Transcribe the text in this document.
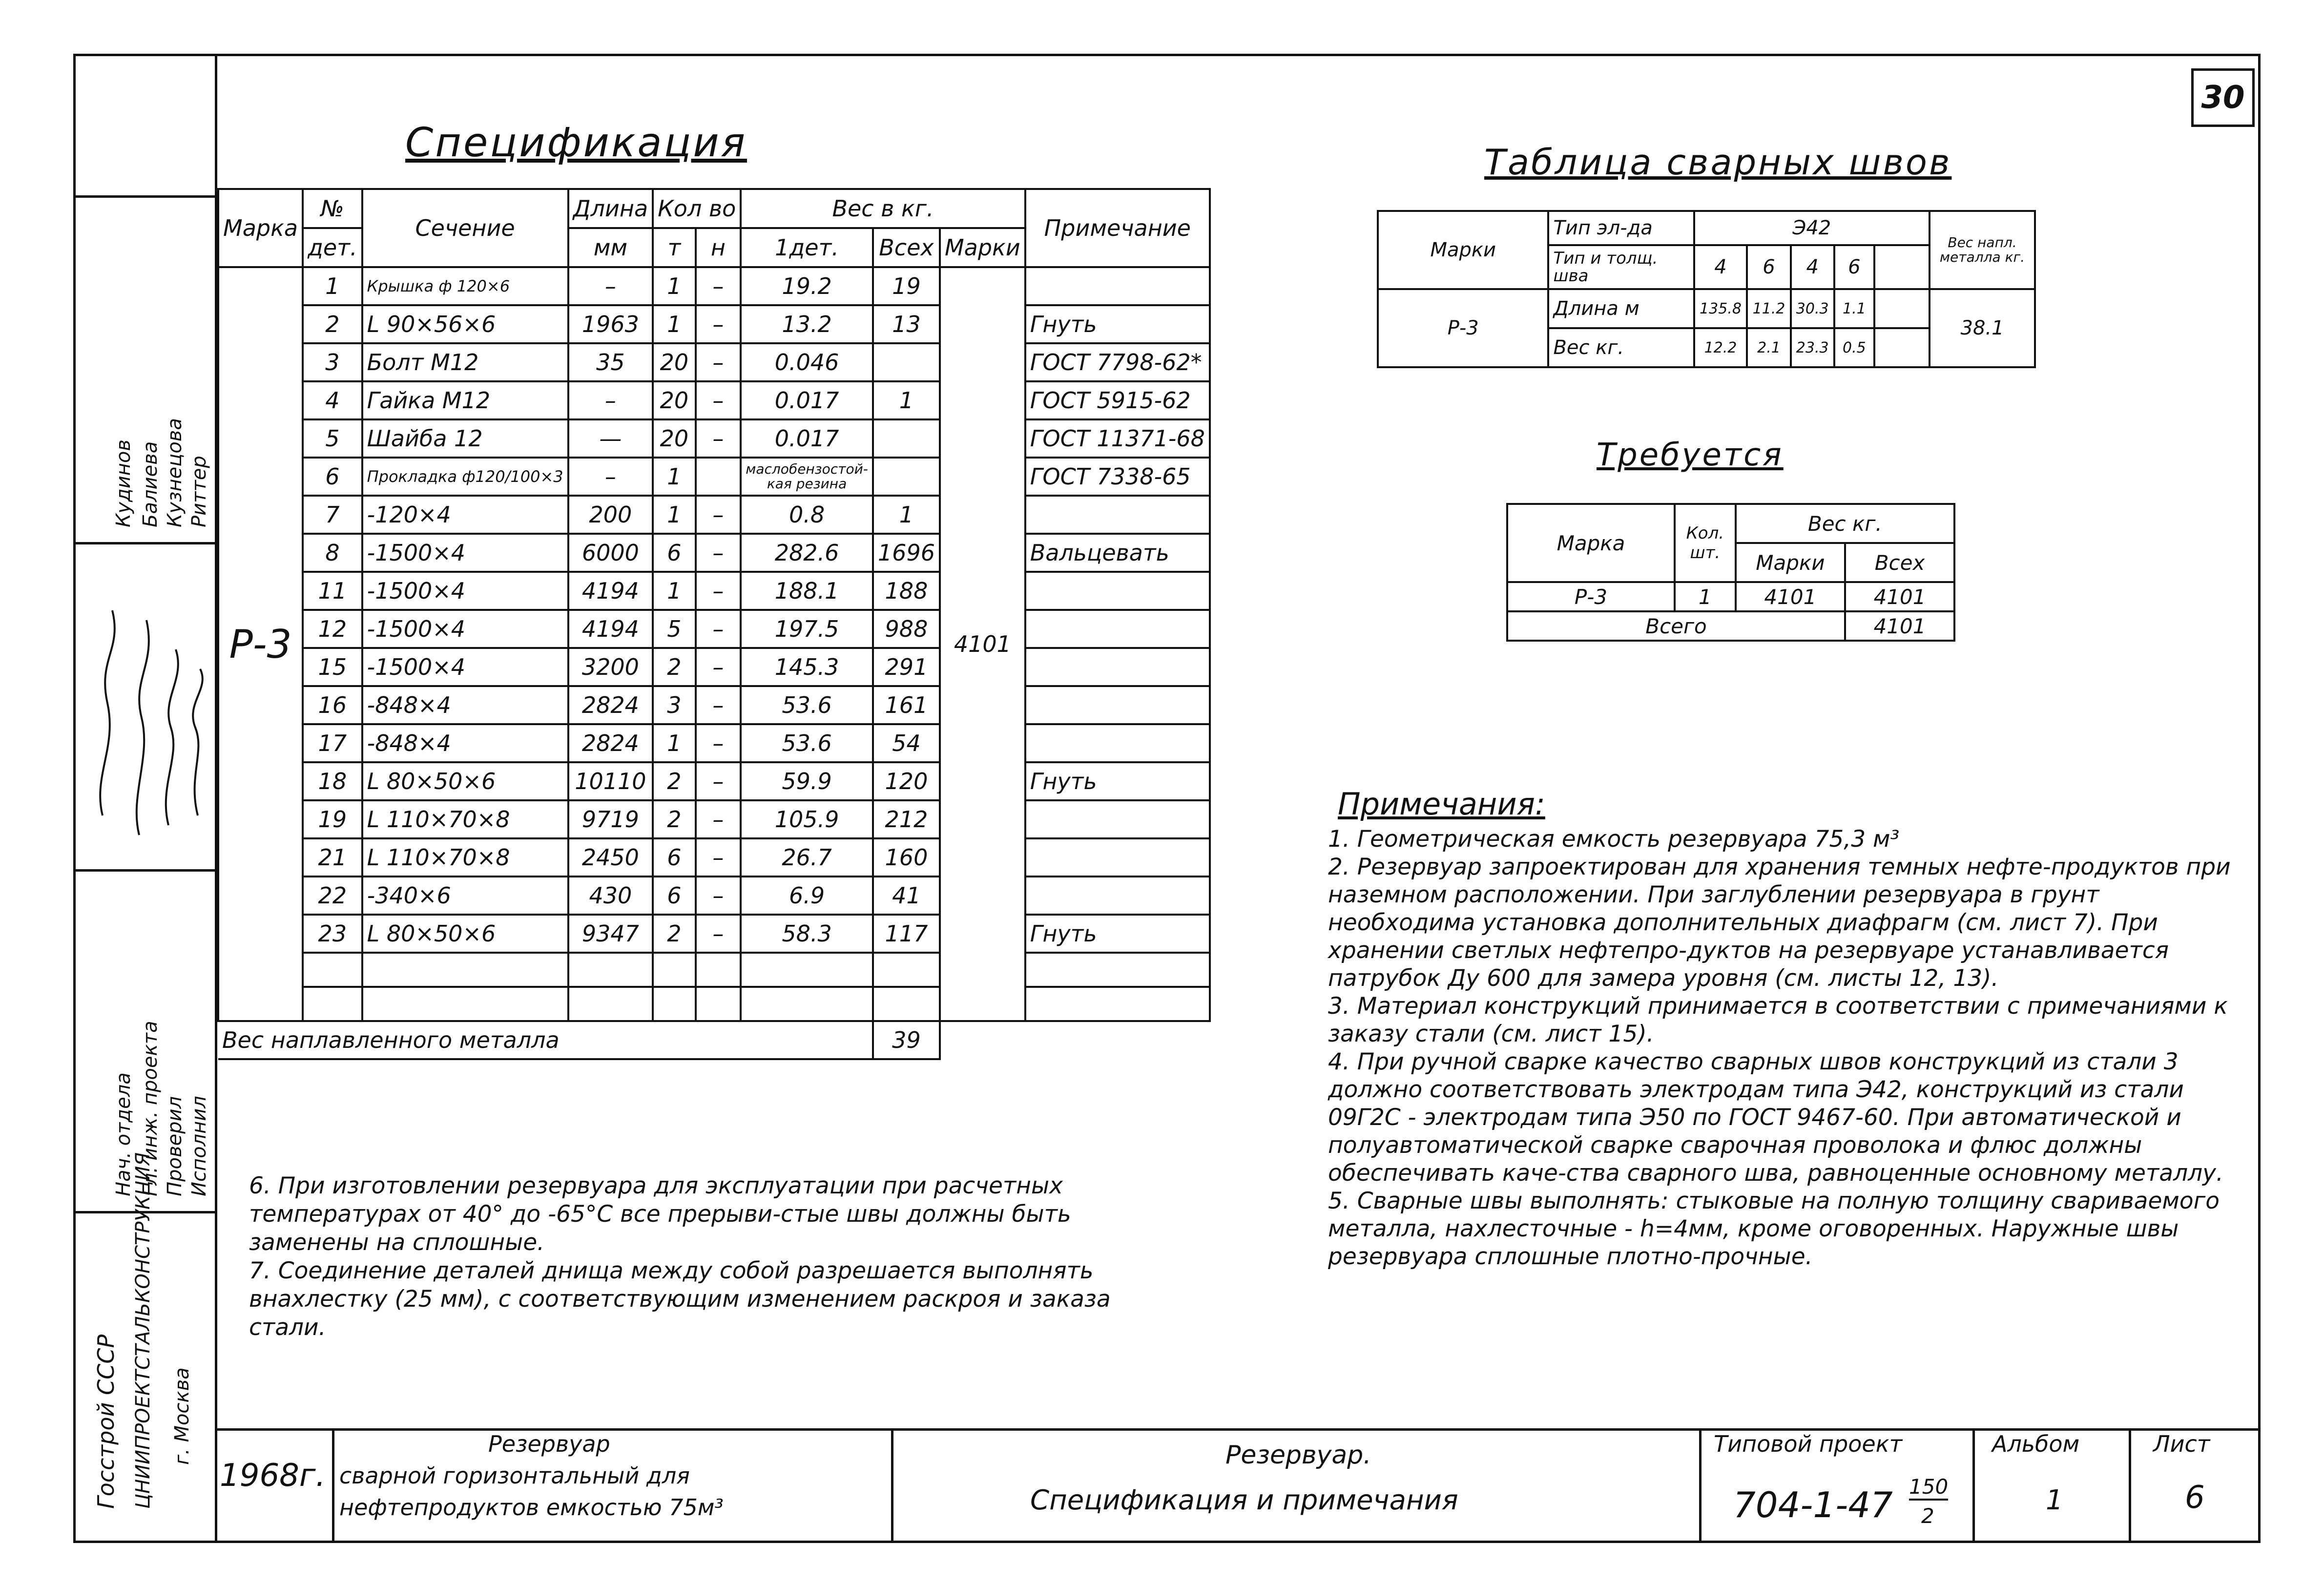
30
Госстрой СССР ЦНИИПРОЕКТСТАЛЬКОНСТРУКЦИЯ г. Москва
Нач. отдела Гл. инж. проекта Проверил Исполнил
Кудинов Балиева Кузнецова Риттер
Спецификация
Марка	№	Сечение	Длина	Кол во		Вес в кг.			Примечание
	дет.		мм	т	н	1дет.	Всех	Марки	
Р-3	1	Крышка ф 120×6	–	1	–	19.2	19	4101	
	2	L 90×56×6	1963	1	–	13.2	13		Гнуть
	3	Болт М12	35	20	–	0.046			ГОСТ 7798-62*
	4	Гайка М12	–	20	–	0.017	1		ГОСТ 5915-62
	5	Шайба 12	—	20	–	0.017			ГОСТ 11371-68
	6	Прокладка ф120/100×3	–	1		маслобензостой-кая резина			ГОСТ 7338-65
	7	-120×4	200	1	–	0.8	1		
	8	-1500×4	6000	6	–	282.6	1696		Вальцевать
	11	-1500×4	4194	1	–	188.1	188		
	12	-1500×4	4194	5	–	197.5	988		
	15	-1500×4	3200	2	–	145.3	291		
	16	-848×4	2824	3	–	53.6	161		
	17	-848×4	2824	1	–	53.6	54		
	18	L 80×50×6	10110	2	–	59.9	120		Гнуть
	19	L 110×70×8	9719	2	–	105.9	212		
	21	L 110×70×8	2450	6	–	26.7	160		
	22	-340×6	430	6	–	6.9	41		
	23	L 80×50×6	9347	2	–	58.3	117		Гнуть

Вес наплавленного металла							39		
Таблица сварных швов
Марки	Тип эл-да	Э42					Вес напл. металла кг.
	Тип и толщ. шва	4	6	4	6		
Р-3	Длина м	135.8	11.2	30.3	1.1		38.1
	Вес кг.	12.2	2.1	23.3	0.5		
Требуется
Марка	Кол. шт.	Вес кг.	
		Марки	Всех
Р-3	1	4101	4101
Всего			4101
Примечания:

1. Геометрическая емкость резервуара 75,3 м³

2. Резервуар запроектирован для хранения темных нефте-продуктов при наземном расположении. При заглублении резервуара в грунт необходима установка дополнительных диафрагм (см. лист 7). При хранении светлых нефтепро-дуктов на резервуаре устанавливается патрубок Ду 600 для замера уровня (см. листы 12, 13).

3. Материал конструкций принимается в соответствии с примечаниями к заказу стали (см. лист 15).

4. При ручной сварке качество сварных швов конструкций из стали 3 должно соответствовать электродам типа Э42, конструкций из стали 09Г2С - электродам типа Э50 по ГОСТ 9467-60. При автоматической и полуавтоматической сварке сварочная проволока и флюс должны обеспечивать каче-ства сварного шва, равноценные основному металлу.

5. Сварные швы выполнять: стыковые на полную толщину свариваемого металла, нахлесточные - h=4мм, кроме оговоренных. Наружные швы резервуара сплошные плотно-прочные.

6. При изготовлении резервуара для эксплуатации при расчетных температурах от 40° до -65°С все прерыви-стые швы должны быть заменены на сплошные.

7. Соединение деталей днища между собой разрешается выполнять внахлестку (25 мм), с соответствующим изменением раскроя и заказа стали.

1968г.
Резервуар
сварной горизонтальный для
нефтепродуктов емкостью 75м³
Резервуар.
Спецификация и примечания
Типовой проект
704-1-47 150
2
Альбом
1
Лист
6
